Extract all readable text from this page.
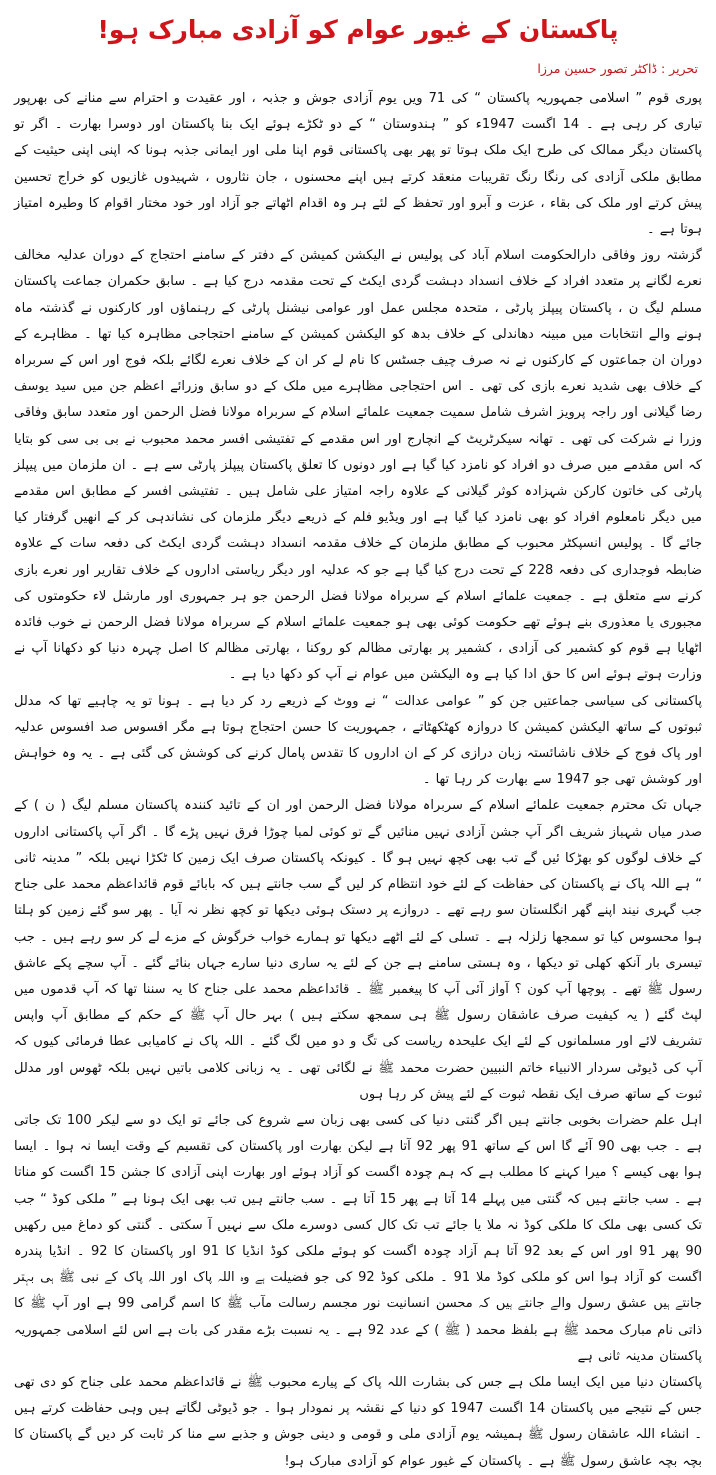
پاکستان کے غیور عوام کو آزادی مبارک ہو!
تحریر : ڈاکٹر تصور حسین مرزا

پوری قوم ” اسلامی جمہوریہ پاکستان “ کی 71 ویں یوم آزادی جوش و جذبہ ، اور عقیدت و احترام سے منانے کی بھرپور تیاری کر رہی ہے ۔ 14 اگست 1947ء کو ” ہندوستان “ کے دو ٹکڑے ہوئے ایک بنا پاکستان اور دوسرا بھارت ۔ اگر تو پاکستان دیگر ممالک کی طرح ایک ملک ہوتا تو پھر بھی پاکستانی قوم اپنا ملی اور ایمانی جذبہ ہونا کہ اپنی اپنی حیثیت کے مطابق ملکی آزادی کی رنگا رنگ تقریبات منعقد کرتے ہیں اپنے محسنوں ، جان نثاروں ، شہیدوں غازیوں کو خراج تحسین پیش کرتے اور ملک کی بقاء ، عزت و آبرو اور تحفظ کے لئے ہر وہ اقدام اٹھاتے جو آزاد اور خود مختار اقوام کا وطیرہ امتیاز ہوتا ہے ۔

گزشتہ روز وفاقی دارالحکومت اسلام آباد کی پولیس نے الیکشن کمیشن کے دفتر کے سامنے احتجاج کے دوران عدلیہ مخالف نعرے لگانے پر متعدد افراد کے خلاف انسداد دہشت گردی ایکٹ کے تحت مقدمہ درج کیا ہے ۔ سابق حکمران جماعت پاکستان مسلم لیگ ن ، پاکستان پیپلز پارٹی ، متحدہ مجلس عمل اور عوامی نیشنل پارٹی کے رہنماؤں اور کارکنوں نے گذشتہ ماہ ہونے والے انتخابات میں مبینہ دھاندلی کے خلاف بدھ کو الیکشن کمیشن کے سامنے احتجاجی مظاہرہ کیا تھا ۔ مظاہرے کے دوران ان جماعتوں کے کارکنوں نے نہ صرف چیف جسٹس کا نام لے کر ان کے خلاف نعرے لگائے بلکہ فوج اور اس کے سربراہ کے خلاف بھی شدید نعرے بازی کی تھی ۔ اس احتجاجی مظاہرے میں ملک کے دو سابق وزرائے اعظم جن میں سید یوسف رضا گیلانی اور راجہ پرویز اشرف شامل سمیت جمعیت علمائے اسلام کے سربراہ مولانا فضل الرحمن اور متعدد سابق وفاقی وزرا نے شرکت کی تھی ۔ تھانہ سیکرٹریٹ کے انچارج اور اس مقدمے کے تفتیشی افسر محمد محبوب نے بی بی سی کو بتایا کہ اس مقدمے میں صرف دو افراد کو نامزد کیا گیا ہے اور دونوں کا تعلق پاکستان پیپلز پارٹی سے ہے ۔ ان ملزمان میں پیپلز پارٹی کی خاتون کارکن شہزادہ کوثر گیلانی کے علاوہ راجہ امتیاز علی شامل ہیں ۔ تفتیشی افسر کے مطابق اس مقدمے میں دیگر نامعلوم افراد کو بھی نامزد کیا گیا ہے اور ویڈیو فلم کے ذریعے دیگر ملزمان کی نشاندہی کر کے انھیں گرفتار کیا جائے گا ۔ پولیس انسپکٹر محبوب کے مطابق ملزمان کے خلاف مقدمہ انسداد دہشت گردی ایکٹ کی دفعہ سات کے علاوہ ضابطہ فوجداری کی دفعہ 228 کے تحت درج کیا گیا ہے جو کہ عدلیہ اور دیگر ریاستی اداروں کے خلاف تقاریر اور نعرے بازی کرنے سے متعلق ہے ۔ جمعیت علمائے اسلام کے سربراہ مولانا فضل الرحمن جو ہر جمہوری اور مارشل لاء حکومتوں کی مجبوری یا معذوری بنے ہوئے تھے حکومت کوئی بھی ہو جمعیت علمائے اسلام کے سربراہ مولانا فضل الرحمن نے خوب فائدہ اٹھایا ہے قوم کو کشمیر کی آزادی ، کشمیر پر بھارتی مظالم کو روکنا ، بھارتی مظالم کا اصل چہرہ دنیا کو دکھانا آپ نے وزارت ہوتے ہوئے اس کا حق ادا کیا ہے وہ الیکشن میں عوام نے آپ کو دکھا دیا ہے ۔

پاکستانی کی سیاسی جماعتیں جن کو ” عوامی عدالت “ نے ووٹ کے ذریعے رد کر دیا ہے ۔ ہونا تو یہ چاہیے تھا کہ مدلل ثبوتوں کے ساتھ الیکشن کمیشن کا دروازہ کھٹکھٹاتے ، جمہوریت کا حسن احتجاج ہوتا ہے مگر افسوس صد افسوس عدلیہ اور پاک فوج کے خلاف ناشائستہ زبان درازی کر کے ان اداروں کا تقدس پامال کرنے کی کوشش کی گئی ہے ۔ یہ وہ خواہش اور کوشش تھی جو 1947 سے بھارت کر رہا تھا ۔

جہاں تک محترم جمعیت علمائے اسلام کے سربراہ مولانا فضل الرحمن اور ان کے تائید کنندہ پاکستان مسلم لیگ ( ن ) کے صدر میاں شہباز شریف اگر آپ جشن آزادی نہیں منائیں گے تو کوئی لمبا چوڑا فرق نہیں پڑے گا ۔ اگر آپ پاکستانی اداروں کے خلاف لوگوں کو بھڑکا ئیں گے تب بھی کچھ نہیں ہو گا ۔ کیونکہ پاکستان صرف ایک زمین کا ٹکڑا نہیں بلکہ ” مدینہ ثانی “ ہے اللہ پاک نے پاکستان کی حفاظت کے لئے خود انتظام کر لیں گے سب جانتے ہیں کہ بابائے قوم قائداعظم محمد علی جناح جب گہری نیند اپنے گھر انگلستان سو رہے تھے ۔ دروازے پر دستک ہوئی دیکھا تو کچھ نظر نہ آیا ۔ پھر سو گئے زمین کو ہلتا ہوا محسوس کیا تو سمجھا زلزلہ ہے ۔ تسلی کے لئے اٹھے دیکھا تو ہمارے خواب خرگوش کے مزے لے کر سو رہے ہیں ۔ جب تیسری بار آنکھ کھلی تو دیکھا ، وہ ہستی سامنے ہے جن کے لئے یہ ساری دنیا سارے جہاں بنائے گئے ۔ آپ سچے پکے عاشق رسول ﷺ تھے ۔ پوچھا آپ کون ؟ آواز آئی آپ کا پیغمبر ﷺ ۔ قائداعظم محمد علی جناح کا یہ سننا تھا کہ آپ قدموں میں لپٹ گئے ( یہ کیفیت صرف عاشقان رسول ﷺ ہی سمجھ سکتے ہیں ) بہر حال آپ ﷺ کے حکم کے مطابق آپ واپس تشریف لائے اور مسلمانوں کے لئے ایک علیحدہ ریاست کی تگ و دو میں لگ گئے ۔ اللہ پاک نے کامیابی عطا فرمائی کیوں کہ آپ کی ڈیوٹی سردار الانبیاء خاتم النبیین حضرت محمد ﷺ نے لگائی تھی ۔ یہ زبانی کلامی باتیں نہیں بلکہ ٹھوس اور مدلل ثبوت کے ساتھ صرف ایک نقطہ ثبوت کے لئے پیش کر رہا ہوں

اہل علم حضرات بخوبی جانتے ہیں اگر گنتی دنیا کی کسی بھی زبان سے شروع کی جائے تو ایک دو سے لیکر 100 تک جاتی ہے ۔ جب بھی 90 آئے گا اس کے ساتھ 91 پھر 92 آتا ہے لیکن بھارت اور پاکستان کی تقسیم کے وقت ایسا نہ ہوا ۔ ایسا ہوا بھی کیسے ؟ میرا کہنے کا مطلب ہے کہ ہم چودہ اگست کو آزاد ہوئے اور بھارت اپنی آزادی کا جشن 15 اگست کو مناتا ہے ۔ سب جانتے ہیں کہ گنتی میں پہلے 14 آتا ہے پھر 15 آتا ہے ۔ سب جانتے ہیں تب بھی ایک ہونا ہے ” ملکی کوڈ “ جب تک کسی بھی ملک کا ملکی کوڈ نہ ملا یا جائے تب تک کال کسی دوسرے ملک سے نہیں آ سکتی ۔ گنتی کو دماغ میں رکھیں 90 پھر 91 اور اس کے بعد 92 آتا ہم آزاد چودہ اگست کو ہوئے ملکی کوڈ انڈیا کا 91 اور پاکستان کا 92 ۔ انڈیا پندرہ اگست کو آزاد ہوا اس کو ملکی کوڈ ملا 91 ۔ ملکی کوڈ 92 کی جو فضیلت ہے وہ اللہ پاک اور اللہ پاک کے نبی ﷺ ہی بہتر جانتے ہیں عشق رسول والے جانتے ہیں کہ محسن انسانیت نور مجسم رسالت مآب ﷺ کا اسم گرامی 99 ہے اور آپ ﷺ کا ذاتی نام مبارک محمد ﷺ ہے بلفظ محمد ( ﷺ ) کے عدد 92 ہے ۔ یہ نسبت بڑے مقدر کی بات ہے اس لئے اسلامی جمہوریہ پاکستان مدینہ ثانی ہے

پاکستان دنیا میں ایک ایسا ملک ہے جس کی بشارت اللہ پاک کے پیارے محبوب ﷺ نے قائداعظم محمد علی جناح کو دی تھی جس کے نتیجے میں پاکستان 14 اگست 1947 کو دنیا کے نقشہ پر نمودار ہوا ۔ جو ڈیوٹی لگاتے ہیں وہی حفاظت کرتے ہیں ۔ انشاء اللہ عاشقان رسول ﷺ ہمیشہ یوم آزادی ملی و قومی و دینی جوش و جذبے سے منا کر ثابت کر دیں گے پاکستان کا بچہ بچہ عاشق رسول ﷺ ہے ۔ پاکستان کے غیور عوام کو آزادی مبارک ہو!
